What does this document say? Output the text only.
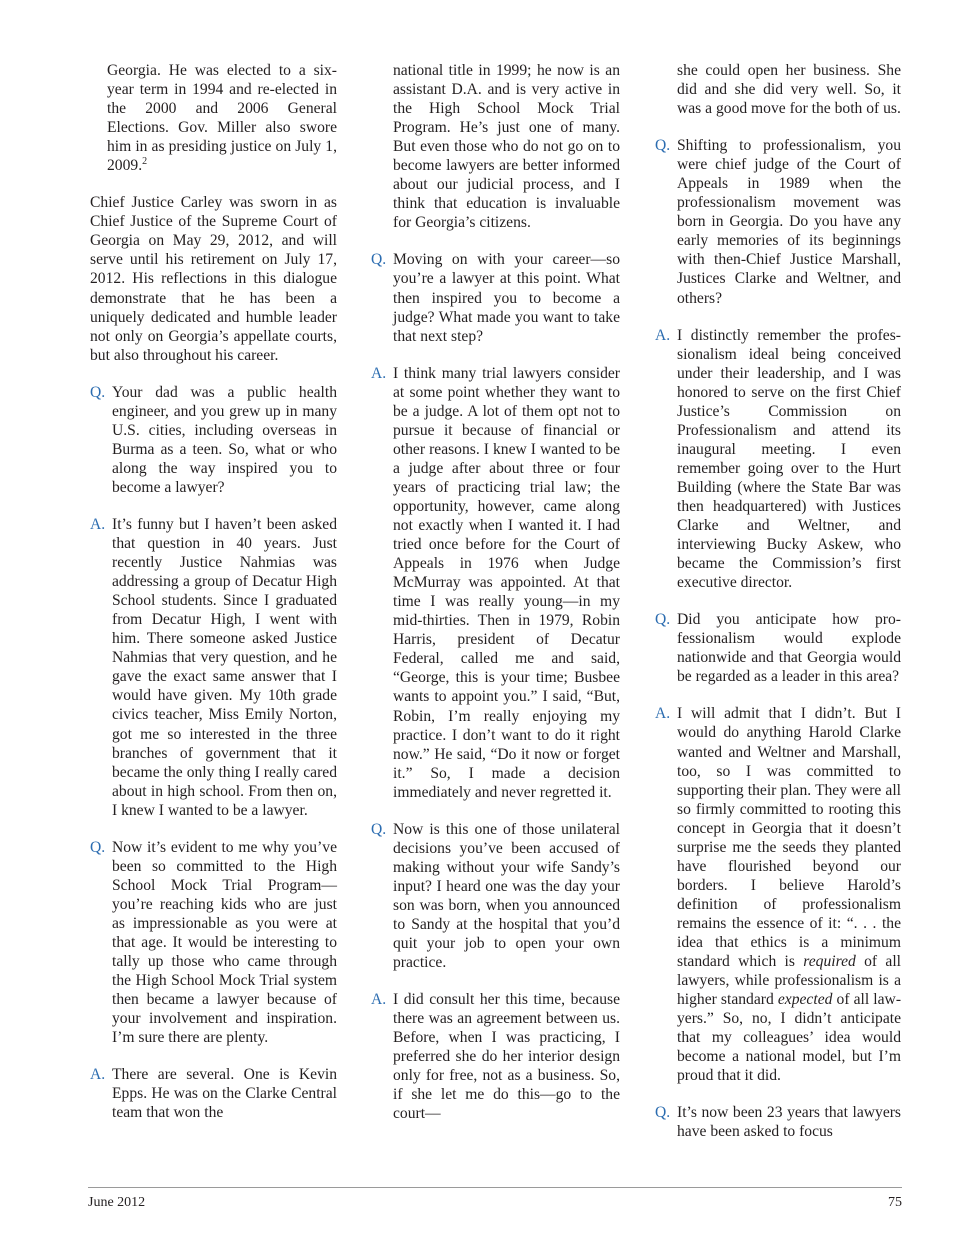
Georgia. He was elected to a six-year term in 1994 and re-elected in the 2000 and 2006 General Elections. Gov. Miller also swore him in as presiding justice on July 1, 2009.$^2$

Chief Justice Carley was sworn in as Chief Justice of the Supreme Court of Georgia on May 29, 2012, and will serve until his retirement on July 17, 2012. His reflections in this dialogue demonstrate that he has been a uniquely dedicated and humble leader not only on Georgia’s appellate courts, but also throughout his career.

Q. Your dad was a public health engineer, and you grew up in many U.S. cities, including overseas in Burma as a teen. So, what or who along the way inspired you to become a lawyer?

A. It’s funny but I haven’t been asked that question in 40 years. Just recently Justice Nahmias was addressing a group of Decatur High School students. Since I graduated from Decatur High, I went with him. There someone asked Justice Nahmias that very question, and he gave the exact same answer that I would have given. My 10th grade civics teacher, Miss Emily Norton, got me so interested in the three branches of government that it became the only thing I really cared about in high school. From then on, I knew I wanted to be a lawyer.

Q. Now it’s evident to me why you’ve been so committed to the High School Mock Trial Program—you’re reaching kids who are just as impressionable as you were at that age. It would be interesting to tally up those who came through the High School Mock Trial system then became a lawyer because of your involvement and inspiration. I’m sure there are plenty.

A. There are several. One is Kevin Epps. He was on the Clarke Central team that won the

national title in 1999; he now is an assistant D.A. and is very active in the High School Mock Trial Program. He’s just one of many. But even those who do not go on to become lawyers are better informed about our judicial process, and I think that education is invaluable for Georgia’s citizens.

Q. Moving on with your career—so you’re a lawyer at this point. What then inspired you to become a judge? What made you want to take that next step?

A. I think many trial lawyers consider at some point whether they want to be a judge. A lot of them opt not to pursue it because of financial or other reasons. I knew I wanted to be a judge after about three or four years of practicing trial law; the opportunity, however, came along not exactly when I wanted it. I had tried once before for the Court of Appeals in 1976 when Judge McMurray was appointed. At that time I was really young—in my mid-thirties. Then in 1979, Robin Harris, president of Decatur Federal, called me and said, “George, this is your time; Busbee wants to appoint you.” I said, “But, Robin, I’m really enjoying my practice. I don’t want to do it right now.” He said, “Do it now or forget it.” So, I made a decision immediately and never regretted it.

Q. Now is this one of those unilateral decisions you’ve been accused of making without your wife Sandy’s input? I heard one was the day your son was born, when you announced to Sandy at the hospital that you’d quit your job to open your own practice.

A. I did consult her this time, because there was an agreement between us. Before, when I was practicing, I preferred she do her interior design only for free, not as a business. So, if she let me do this—go to the court—

she could open her business. She did and she did very well. So, it was a good move for the both of us.

Q. Shifting to professionalism, you were chief judge of the Court of Appeals in 1989 when the professionalism movement was born in Georgia. Do you have any early memories of its beginnings with then-Chief Justice Marshall, Justices Clarke and Weltner, and others?

A. I distinctly remember the professionalism ideal being conceived under their leadership, and I was honored to serve on the first Chief Justice’s Commission on Professionalism and attend its inaugural meeting. I even remember going over to the Hurt Building (where the State Bar was then headquartered) with Justices Clarke and Weltner, and interviewing Bucky Askew, who became the Commission’s first executive director.

Q. Did you anticipate how professionalism would explode nationwide and that Georgia would be regarded as a leader in this area?

A. I will admit that I didn’t. But I would do anything Harold Clarke wanted and Weltner and Marshall, too, so I was committed to supporting their plan. They were all so firmly committed to rooting this concept in Georgia that it doesn’t surprise me the seeds they planted have flourished beyond our borders. I believe Harold’s definition of professionalism remains the essence of it: “. . . the idea that ethics is a minimum standard which is required of all lawyers, while professionalism is a higher standard expected of all lawyers.” So, no, I didn’t anticipate that my colleagues’ idea would become a national model, but I’m proud that it did.

Q. It’s now been 23 years that lawyers have been asked to focus

June 2012	75
